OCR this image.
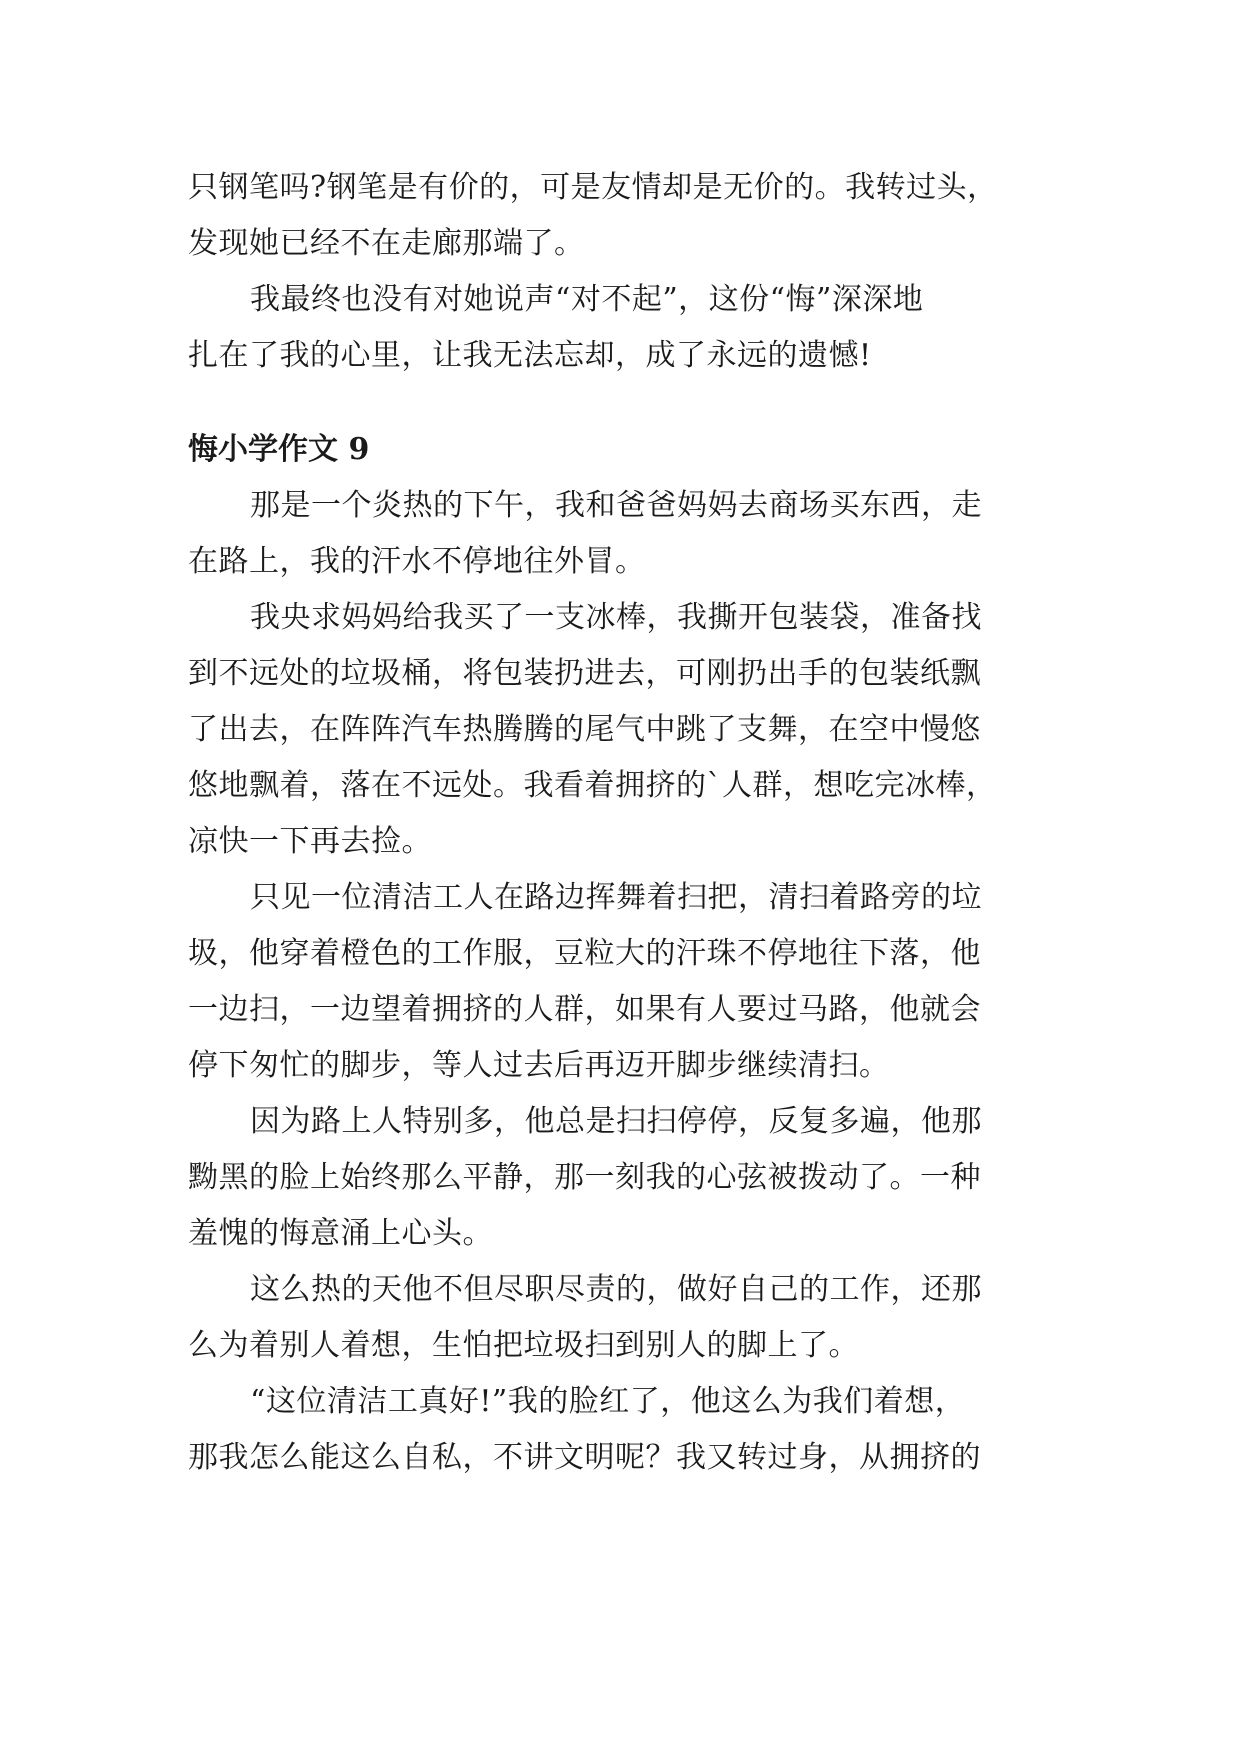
只钢笔吗?钢笔是有价的，可是友情却是无价的。我转过头，

发现她已经不在走廊那端了。

我最终也没有对她说声“对不起”，这份“悔”深深地

扎在了我的心里，让我无法忘却，成了永远的遗憾!

悔小学作文 9

那是一个炎热的下午，我和爸爸妈妈去商场买东西，走

在路上，我的汗水不停地往外冒。

我央求妈妈给我买了一支冰棒，我撕开包装袋，准备找

到不远处的垃圾桶，将包装扔进去，可刚扔出手的包装纸飘

了出去，在阵阵汽车热腾腾的尾气中跳了支舞，在空中慢悠

悠地飘着，落在不远处。我看着拥挤的`人群，想吃完冰棒，

凉快一下再去捡。

只见一位清洁工人在路边挥舞着扫把，清扫着路旁的垃

圾，他穿着橙色的工作服，豆粒大的汗珠不停地往下落，他

一边扫，一边望着拥挤的人群，如果有人要过马路，他就会

停下匆忙的脚步，等人过去后再迈开脚步继续清扫。

因为路上人特别多，他总是扫扫停停，反复多遍，他那

黝黑的脸上始终那么平静，那一刻我的心弦被拨动了。一种

羞愧的悔意涌上心头。

这么热的天他不但尽职尽责的，做好自己的工作，还那

么为着别人着想，生怕把垃圾扫到别人的脚上了。

“这位清洁工真好!”我的脸红了，他这么为我们着想，

那我怎么能这么自私，不讲文明呢？我又转过身，从拥挤的
